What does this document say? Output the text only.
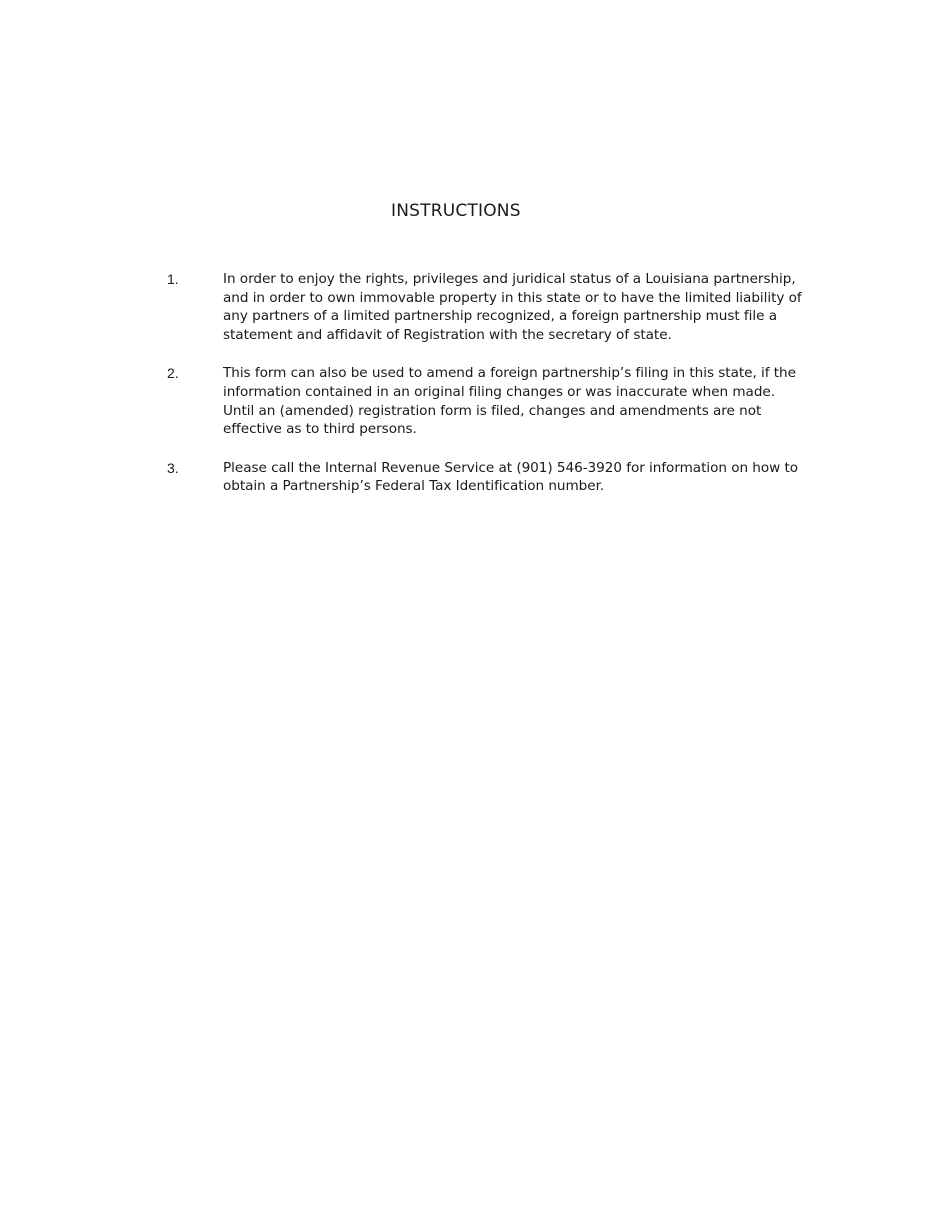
INSTRUCTIONS
1.	In order to enjoy the rights, privileges and juridical status of a Louisiana partnership, and in order to own immovable property in this state or to have the limited liability of any partners of a limited partnership recognized, a foreign partnership must file a statement and affidavit of Registration with the secretary of state.

2.	This form can also be used to amend a foreign partnership’s filing in this state, if the information contained in an original filing changes or was inaccurate when made. Until an (amended) registration form is filed, changes and amendments are not effective as to third persons.

3.	Please call the Internal Revenue Service at (901) 546-3920 for information on how to obtain a Partnership’s Federal Tax Identification number.
